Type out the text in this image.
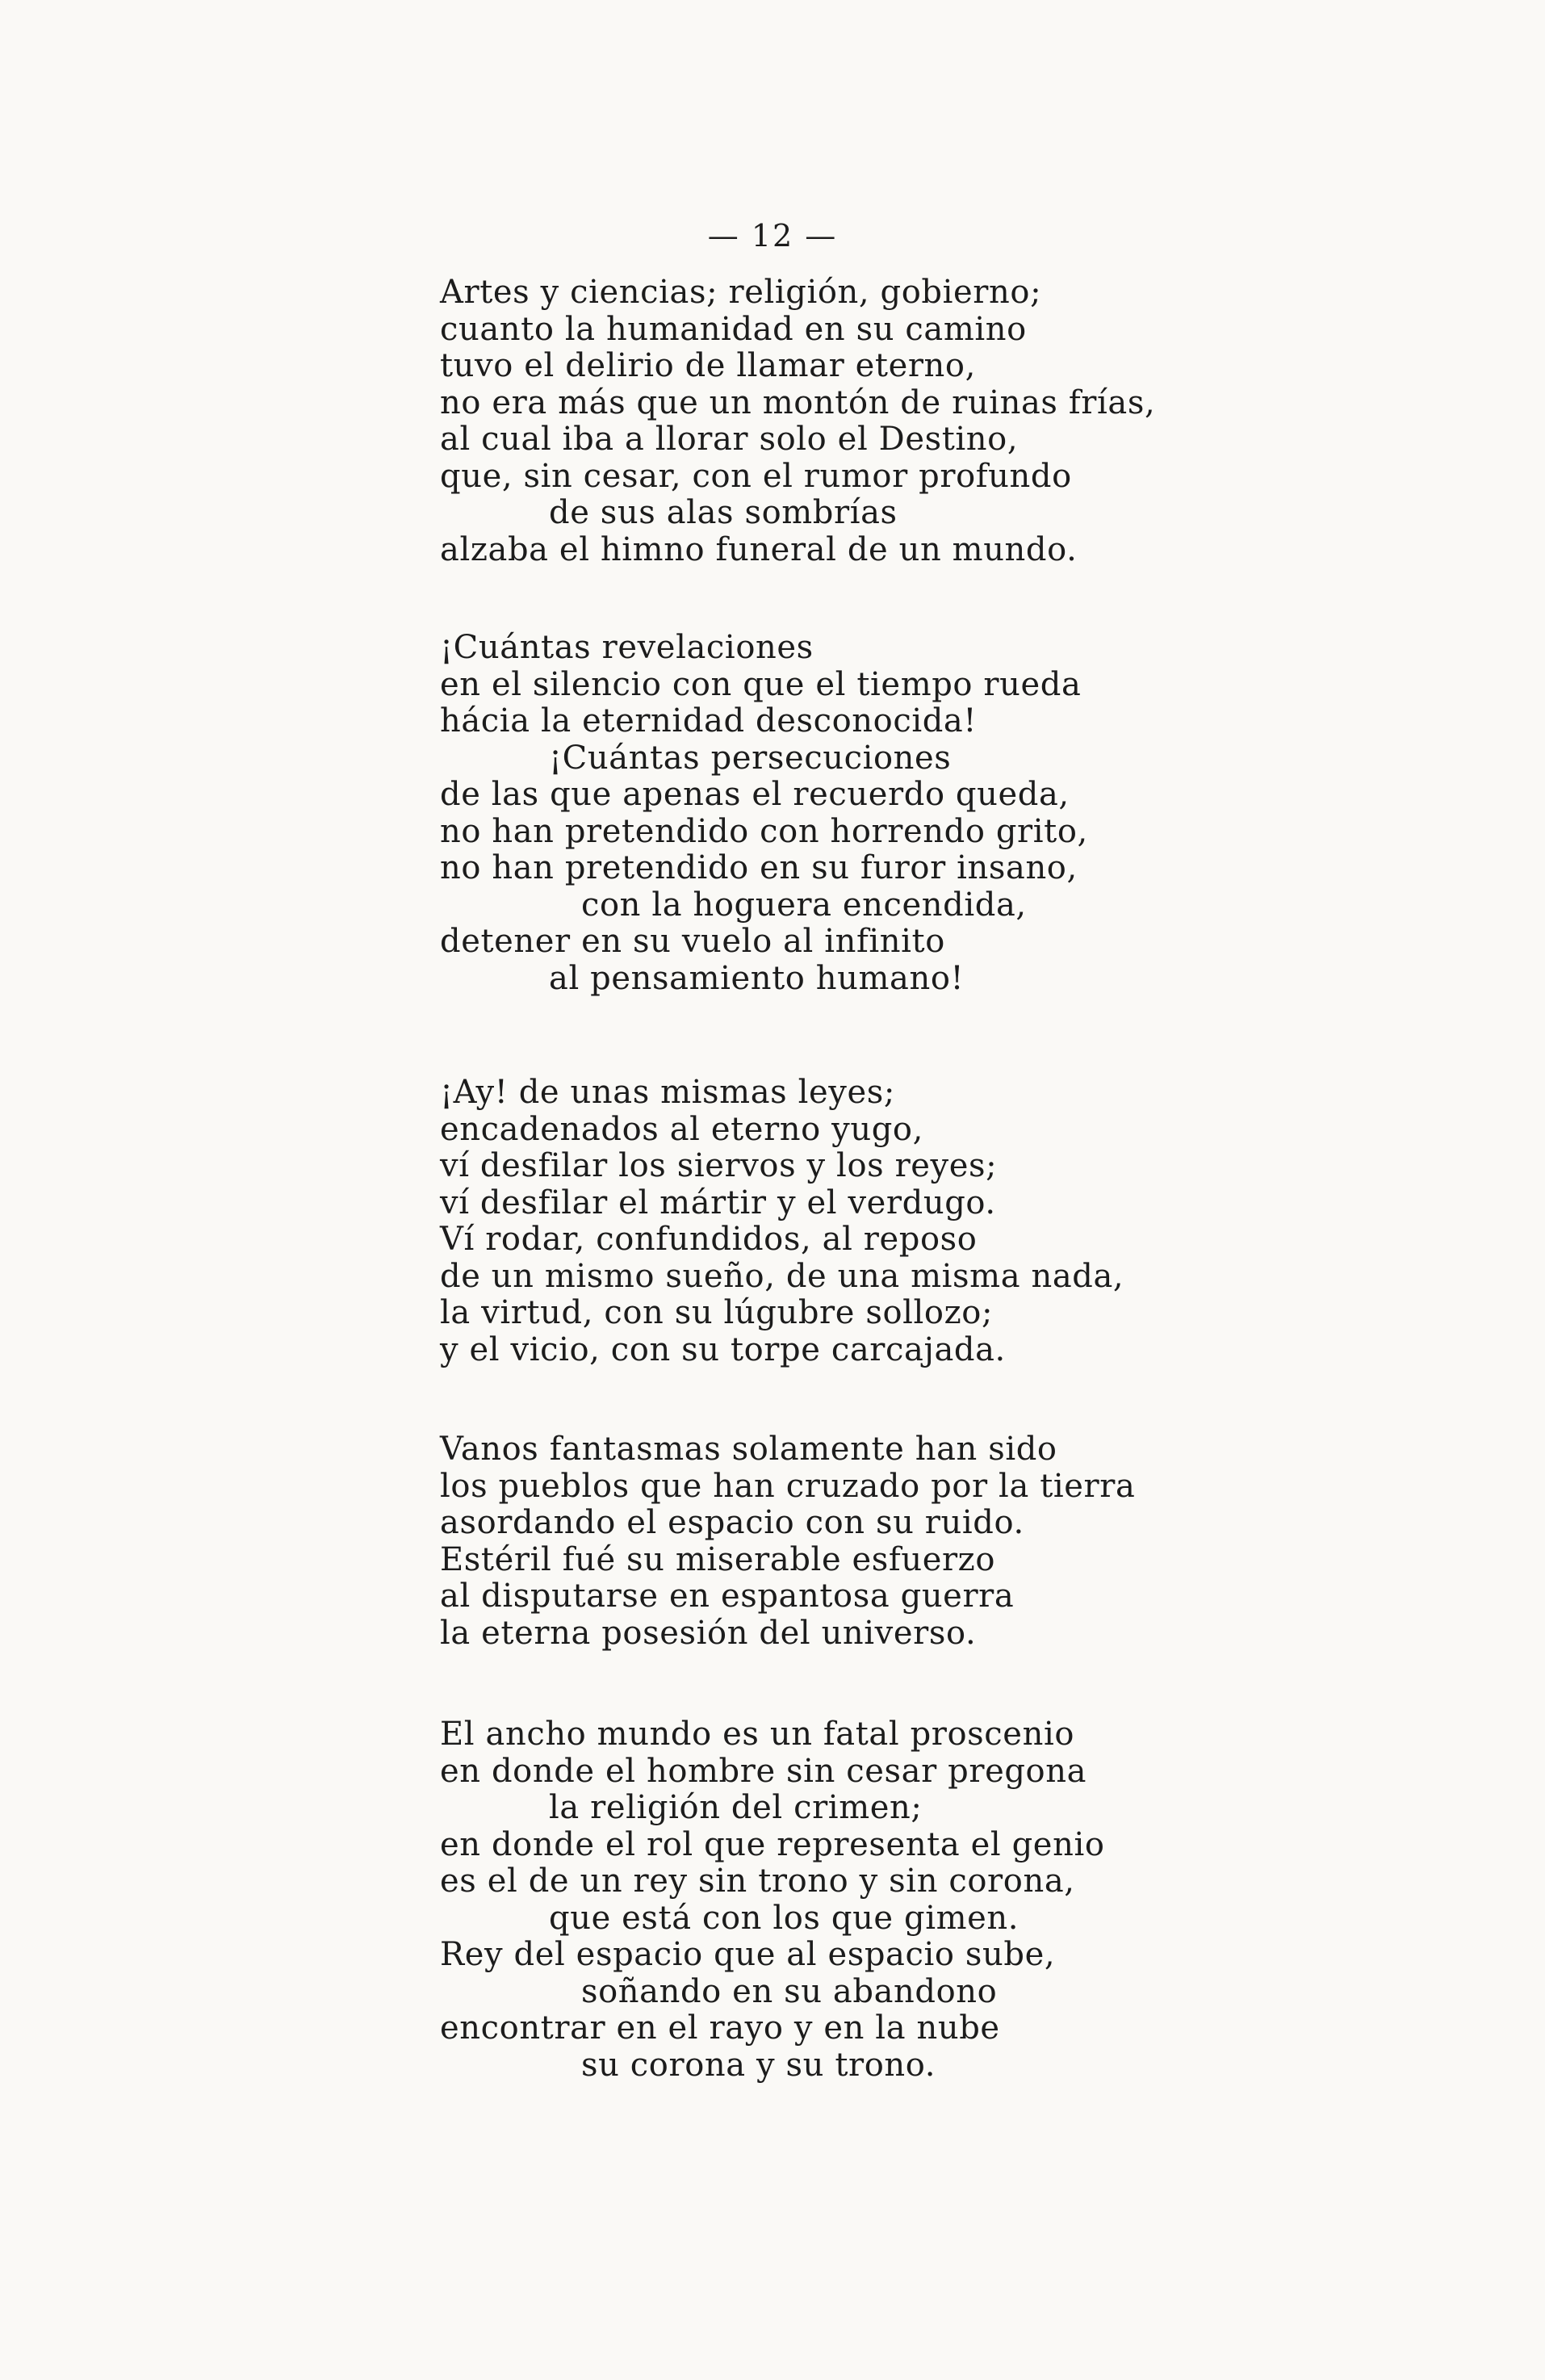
— 12 —
Artes y ciencias; religión, gobierno;
cuanto la humanidad en su camino
tuvo el delirio de llamar eterno,
no era más que un montón de ruinas frías,
al cual iba a llorar solo el Destino,
que, sin cesar, con el rumor profundo
de sus alas sombrías
alzaba el himno funeral de un mundo.
¡Cuántas revelaciones
en el silencio con que el tiempo rueda
hácia la eternidad desconocida!
¡Cuántas persecuciones
de las que apenas el recuerdo queda,
no han pretendido con horrendo grito,
no han pretendido en su furor insano,
con la hoguera encendida,
detener en su vuelo al infinito
al pensamiento humano!
¡Ay! de unas mismas leyes;
encadenados al eterno yugo,
ví desfilar los siervos y los reyes;
ví desfilar el mártir y el verdugo.
Ví rodar, confundidos, al reposo
de un mismo sueño, de una misma nada,
la virtud, con su lúgubre sollozo;
y el vicio, con su torpe carcajada.
Vanos fantasmas solamente han sido
los pueblos que han cruzado por la tierra
asordando el espacio con su ruido.
Estéril fué su miserable esfuerzo
al disputarse en espantosa guerra
la eterna posesión del universo.
El ancho mundo es un fatal proscenio
en donde el hombre sin cesar pregona
la religión del crimen;
en donde el rol que representa el genio
es el de un rey sin trono y sin corona,
que está con los que gimen.
Rey del espacio que al espacio sube,
soñando en su abandono
encontrar en el rayo y en la nube
su corona y su trono.
